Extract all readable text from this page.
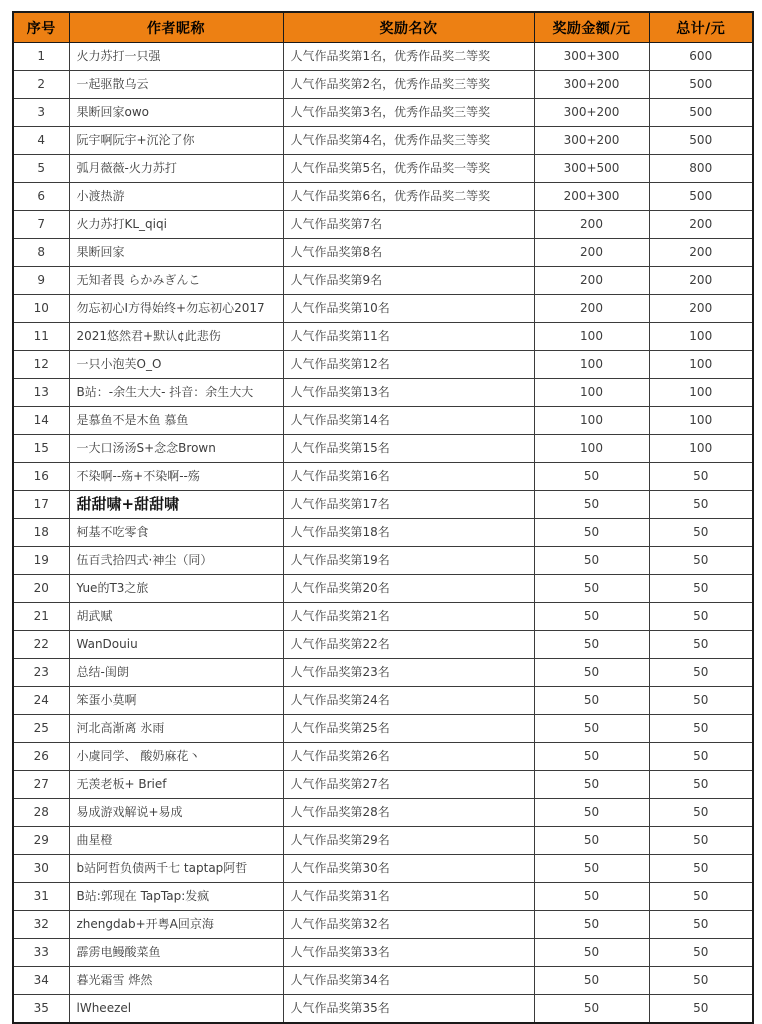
序号	作者昵称	奖励名次	奖励金额/元	总计/元
1	火力苏打一只强	人气作品奖第1名，优秀作品奖二等奖	300+300	600
2	一起驱散乌云	人气作品奖第2名，优秀作品奖三等奖	300+200	500
3	果断回家owo	人气作品奖第3名，优秀作品奖三等奖	300+200	500
4	阮宇啊阮宇+沉沦了你	人气作品奖第4名，优秀作品奖三等奖	300+200	500
5	弧月薇薇-火力苏打	人气作品奖第5名，优秀作品奖一等奖	300+500	800
6	小渡热游	人气作品奖第6名，优秀作品奖二等奖	200+300	500
7	火力苏打KL_qiqi	人气作品奖第7名	200	200
8	果断回家	人气作品奖第8名	200	200
9	无知者畏 らかみぎんこ	人气作品奖第9名	200	200
10	勿忘初心I方得始终+勿忘初心2017	人气作品奖第10名	200	200
11	2021悠然君+默认¢此悲伤	人气作品奖第11名	100	100
12	一只小泡芙O_O	人气作品奖第12名	100	100
13	B站：-余生大大- 抖音：余生大大	人气作品奖第13名	100	100
14	是慕鱼不是木鱼 慕鱼	人气作品奖第14名	100	100
15	一大口汤汤S+念念Brown	人气作品奖第15名	100	100
16	不染啊--殇+不染啊--殇	人气作品奖第16名	50	50
17	甜甜啸+甜甜啸	人气作品奖第17名	50	50
18	柯基不吃零食	人气作品奖第18名	50	50
19	伍百弐拾四式·神尘（同）	人气作品奖第19名	50	50
20	Yue的T3之旅	人气作品奖第20名	50	50
21	胡武赋	人气作品奖第21名	50	50
22	WanDouiu	人气作品奖第22名	50	50
23	总结-闺朗	人气作品奖第23名	50	50
24	笨蛋小莫啊	人气作品奖第24名	50	50
25	河北高渐离 氷雨	人气作品奖第25名	50	50
26	小虞同学、 酸奶麻花丶	人气作品奖第26名	50	50
27	无羡老板+ Brief	人气作品奖第27名	50	50
28	易成游戏解说+易成	人气作品奖第28名	50	50
29	曲星橙	人气作品奖第29名	50	50
30	b站阿哲负债两千七 taptap阿哲	人气作品奖第30名	50	50
31	B站:郭现在 TapTap:发疯	人气作品奖第31名	50	50
32	zhengdab+开粤A回京海	人气作品奖第32名	50	50
33	霹雳电鳗酸菜鱼	人气作品奖第33名	50	50
34	暮光霜雪 烨然	人气作品奖第34名	50	50
35	lWheezel	人气作品奖第35名	50	50
